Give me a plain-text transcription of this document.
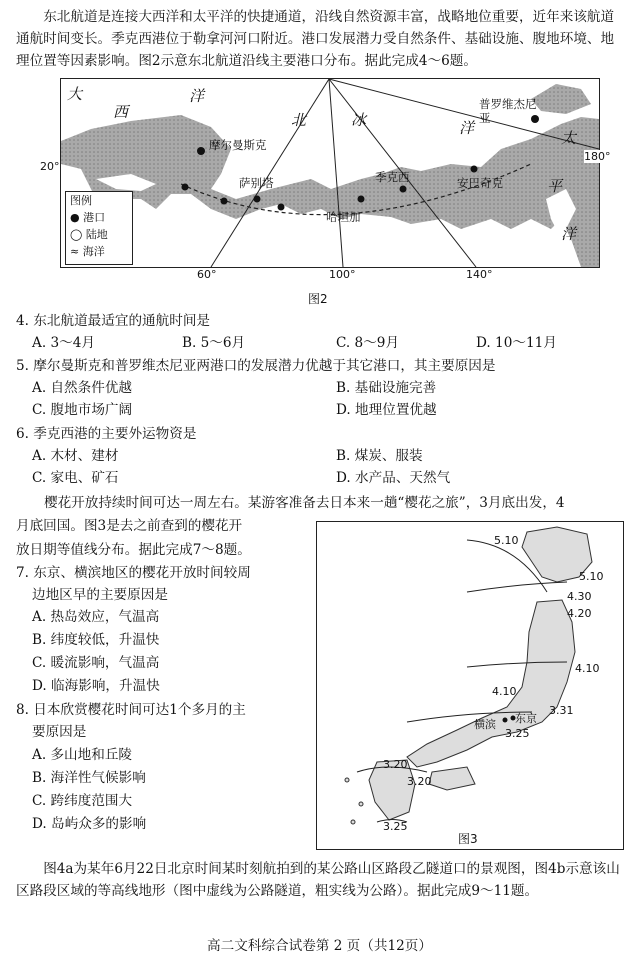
东北航道是连接大西洋和太平洋的快捷通道，沿线自然资源丰富，战略地位重要，近年来该航道通航时间变长。季克西港位于勒拿河河口附近。港口发展潜力受自然条件、基础设施、腹地环境、地理位置等因素影响。图2示意东北航道沿线主要港口分布。据此完成4～6题。
大
西
洋
北	冰	洋
太
平
洋
摩尔曼斯克
萨别塔	季克西
哈坦加
安巴奇克
普罗维杰尼亚
图例
● 港口
◯ 陆地
≈ 海洋
20°
60°	100°	140°
180°
图2
4. 东北航道最适宜的通航时间是
A. 3～4月	B. 5～6月	C. 8～9月	D. 10～11月
5. 摩尔曼斯克和普罗维杰尼亚两港口的发展潜力优越于其它港口，其主要原因是
A. 自然条件优越	B. 基础设施完善
C. 腹地市场广阔	D. 地理位置优越
6. 季克西港的主要外运物资是
A. 木材、建材	B. 煤炭、服装
C. 家电、矿石	D. 水产品、天然气
樱花开放持续时间可达一周左右。某游客准备去日本来一趟“樱花之旅”，3月底出发，4
月底回国。图3是去之前查到的樱花开
放日期等值线分布。据此完成7～8题。
7. 东京、横滨地区的樱花开放时间较周
边地区早的主要原因是
A. 热岛效应，气温高
B. 纬度较低，升温快
C. 暖流影响，气温高
D. 临海影响，升温快
8. 日本欣赏樱花时间可达1个多月的主
要原因是
A. 多山地和丘陵
B. 海洋性气候影响
C. 跨纬度范围大
D. 岛屿众多的影响
5.10
5.10
4.30
4.20
4.10
4.10
3.31
3.25
3.20
3.20
3.25
横滨 东京
图3
图4a为某年6月22日北京时间某时刻航拍到的某公路山区路段乙隧道口的景观图，图4b示意该山区路段区域的等高线地形（图中虚线为公路隧道，粗实线为公路）。据此完成9～11题。
高二文科综合试卷第 2 页（共12页）
